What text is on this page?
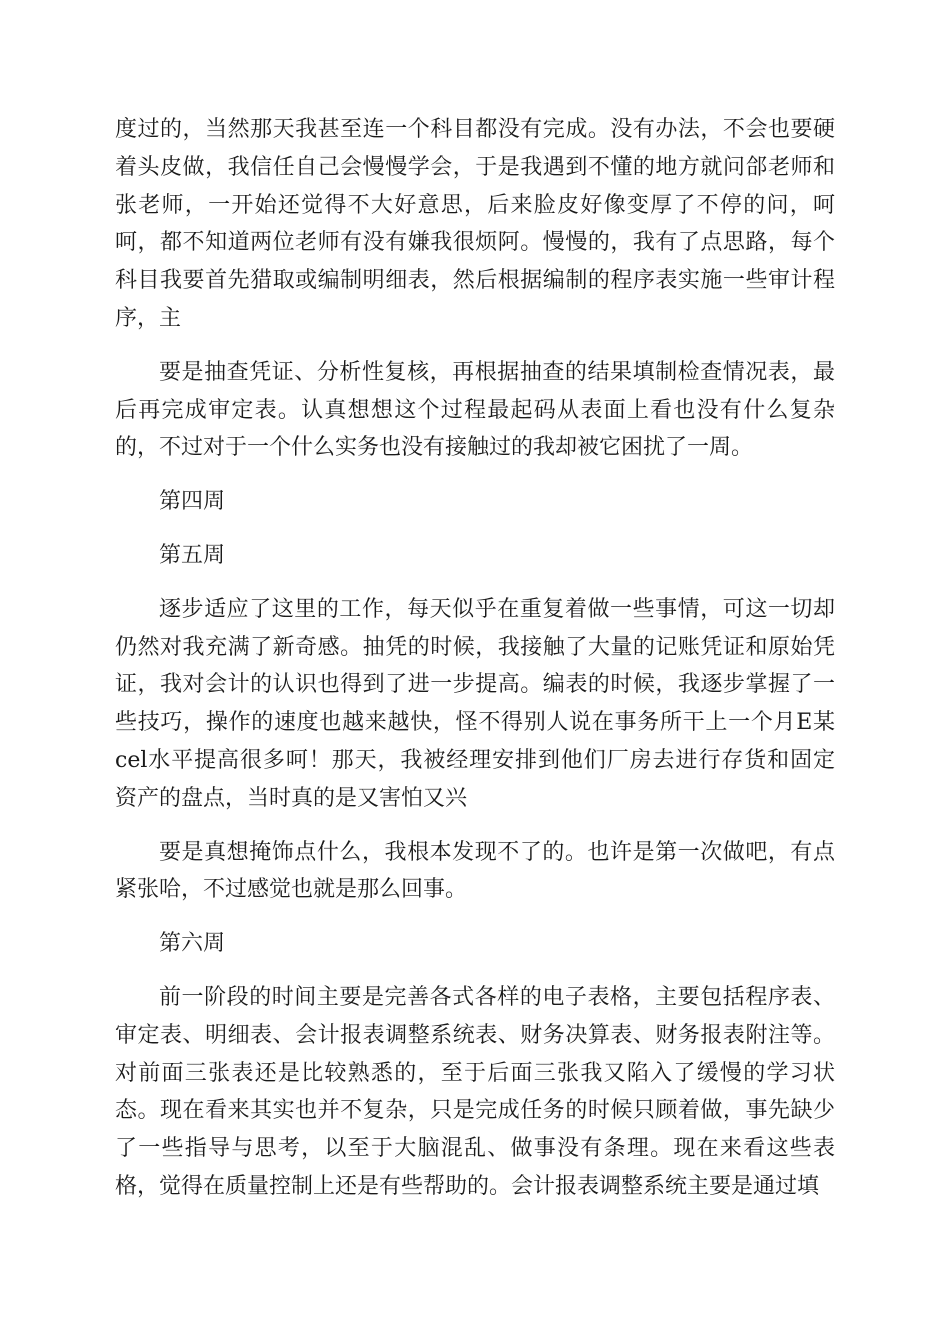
度过的，当然那天我甚至连一个科目都没有完成。没有办法，不会也要硬
着头皮做，我信任自己会慢慢学会，于是我遇到不懂的地方就问郃老师和
张老师，一开始还觉得不大好意思，后来脸皮好像变厚了不停的问，呵
呵，都不知道两位老师有没有嫌我很烦阿。慢慢的，我有了点思路，每个
科目我要首先猎取或编制明细表，然后根据编制的程序表实施一些审计程
序，主
要是抽查凭证、分析性复核，再根据抽查的结果填制检查情况表，最
后再完成审定表。认真想想这个过程最起码从表面上看也没有什么复杂
的，不过对于一个什么实务也没有接触过的我却被它困扰了一周。
第四周
第五周
逐步适应了这里的工作，每天似乎在重复着做一些事情，可这一切却
仍然对我充满了新奇感。抽凭的时候，我接触了大量的记账凭证和原始凭
证，我对会计的认识也得到了进一步提高。编表的时候，我逐步掌握了一
些技巧，操作的速度也越来越快，怪不得别人说在事务所干上一个月E某
cel水平提高很多呵！那天，我被经理安排到他们厂房去进行存货和固定
资产的盘点，当时真的是又害怕又兴
要是真想掩饰点什么，我根本发现不了的。也许是第一次做吧，有点
紧张哈，不过感觉也就是那么回事。
第六周
前一阶段的时间主要是完善各式各样的电子表格，主要包括程序表、
审定表、明细表、会计报表调整系统表、财务决算表、财务报表附注等。
对前面三张表还是比较熟悉的，至于后面三张我又陷入了缓慢的学习状
态。现在看来其实也并不复杂，只是完成任务的时候只顾着做，事先缺少
了一些指导与思考，以至于大脑混乱、做事没有条理。现在来看这些表
格，觉得在质量控制上还是有些帮助的。会计报表调整系统主要是通过填
